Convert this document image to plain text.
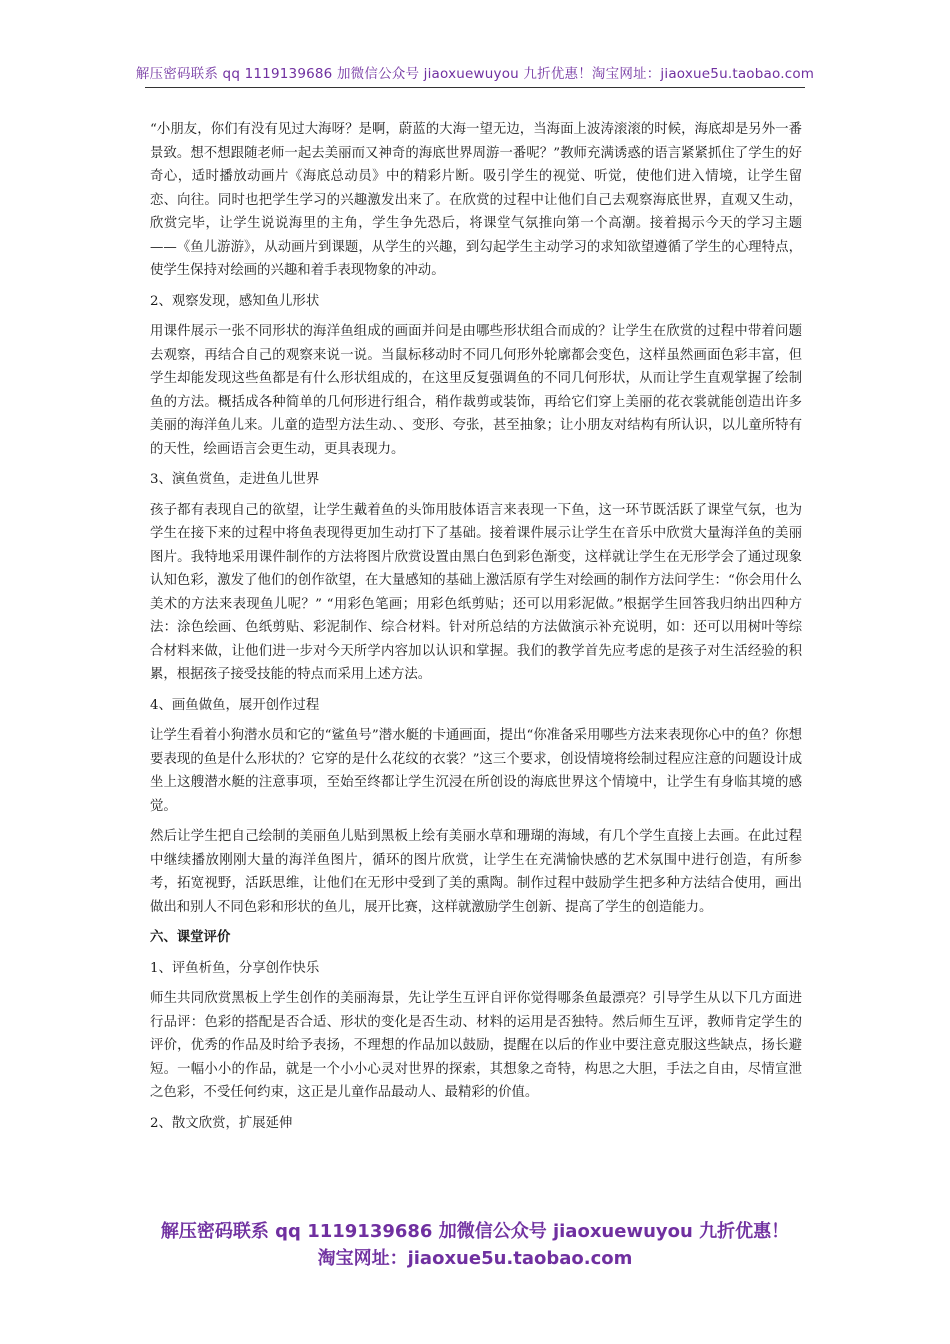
解压密码联系 qq 1119139686 加微信公众号 jiaoxuewuyou 九折优惠！淘宝网址：jiaoxue5u.taobao.com

“小朋友，你们有没有见过大海呀？是啊，蔚蓝的大海一望无边，当海面上波涛滚滚的时候，海底却是另外一番景致。想不想跟随老师一起去美丽而又神奇的海底世界周游一番呢？”教师充满诱惑的语言紧紧抓住了学生的好奇心，适时播放动画片《海底总动员》中的精彩片断。吸引学生的视觉、听觉，使他们进入情境，让学生留恋、向往。同时也把学生学习的兴趣激发出来了。在欣赏的过程中让他们自己去观察海底世界，直观又生动，欣赏完毕，让学生说说海里的主角，学生争先恐后，将课堂气氛推向第一个高潮。接着揭示今天的学习主题——《鱼儿游游》，从动画片到课题，从学生的兴趣，到勾起学生主动学习的求知欲望遵循了学生的心理特点，使学生保持对绘画的兴趣和着手表现物象的冲动。

2、观察发现，感知鱼儿形状

用课件展示一张不同形状的海洋鱼组成的画面并问是由哪些形状组合而成的？让学生在欣赏的过程中带着问题去观察，再结合自己的观察来说一说。当鼠标移动时不同几何形外轮廓都会变色，这样虽然画面色彩丰富，但学生却能发现这些鱼都是有什么形状组成的，在这里反复强调鱼的不同几何形状，从而让学生直观掌握了绘制鱼的方法。概括成各种简单的几何形进行组合，稍作裁剪或装饰，再给它们穿上美丽的花衣裳就能创造出许多美丽的海洋鱼儿来。儿童的造型方法生动、、变形、夸张，甚至抽象；让小朋友对结构有所认识，以儿童所特有的天性，绘画语言会更生动，更具表现力。

3、演鱼赏鱼，走进鱼儿世界

孩子都有表现自己的欲望，让学生戴着鱼的头饰用肢体语言来表现一下鱼，这一环节既活跃了课堂气氛，也为学生在接下来的过程中将鱼表现得更加生动打下了基础。接着课件展示让学生在音乐中欣赏大量海洋鱼的美丽图片。我特地采用课件制作的方法将图片欣赏设置由黑白色到彩色渐变，这样就让学生在无形学会了通过现象认知色彩，激发了他们的创作欲望，在大量感知的基础上激活原有学生对绘画的制作方法问学生：“你会用什么美术的方法来表现鱼儿呢？” “用彩色笔画；用彩色纸剪贴；还可以用彩泥做。”根据学生回答我归纳出四种方法：涂色绘画、色纸剪贴、彩泥制作、综合材料。针对所总结的方法做演示补充说明，如：还可以用树叶等综合材料来做，让他们进一步对今天所学内容加以认识和掌握。我们的教学首先应考虑的是孩子对生活经验的积累，根据孩子接受技能的特点而采用上述方法。

4、画鱼做鱼，展开创作过程

让学生看着小狗潜水员和它的“鲨鱼号”潜水艇的卡通画面，提出“你准备采用哪些方法来表现你心中的鱼？你想要表现的鱼是什么形状的？它穿的是什么花纹的衣裳？”这三个要求，创设情境将绘制过程应注意的问题设计成坐上这艘潜水艇的注意事项，至始至终都让学生沉浸在所创设的海底世界这个情境中，让学生有身临其境的感觉。

然后让学生把自己绘制的美丽鱼儿贴到黑板上绘有美丽水草和珊瑚的海域，有几个学生直接上去画。在此过程中继续播放刚刚大量的海洋鱼图片，循环的图片欣赏，让学生在充满愉快感的艺术氛围中进行创造，有所参考，拓宽视野，活跃思维，让他们在无形中受到了美的熏陶。制作过程中鼓励学生把多种方法结合使用，画出做出和别人不同色彩和形状的鱼儿，展开比赛，这样就激励学生创新、提高了学生的创造能力。

六、课堂评价

1、评鱼析鱼，分享创作快乐

师生共同欣赏黑板上学生创作的美丽海景，先让学生互评自评你觉得哪条鱼最漂亮？引导学生从以下几方面进行品评：色彩的搭配是否合适、形状的变化是否生动、材料的运用是否独特。然后师生互评，教师肯定学生的评价，优秀的作品及时给予表扬，不理想的作品加以鼓励，提醒在以后的作业中要注意克服这些缺点，扬长避短。一幅小小的作品，就是一个小小心灵对世界的探索，其想象之奇特，构思之大胆，手法之自由，尽情宣泄之色彩，不受任何约束，这正是儿童作品最动人、最精彩的价值。

2、散文欣赏，扩展延伸

解压密码联系 qq 1119139686 加微信公众号 jiaoxuewuyou 九折优惠！
淘宝网址：jiaoxue5u.taobao.com
